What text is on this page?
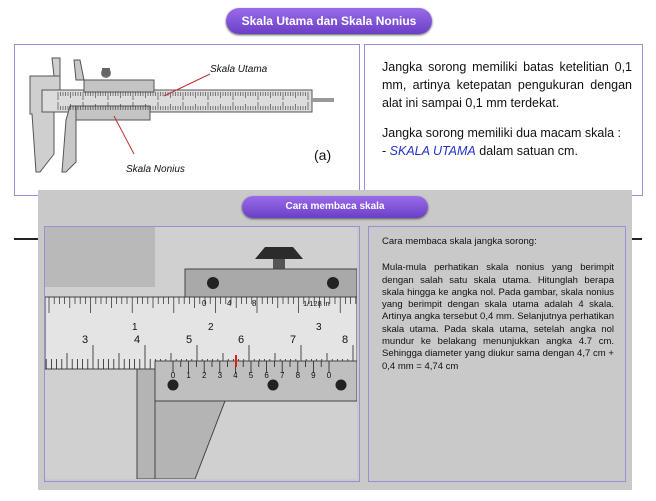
Skala Utama dan Skala Nonius
Skala Utama
Skala Nonius
(a)

Jangka sorong memiliki batas ketelitian 0,1 mm, artinya ketepatan pengukuran dengan alat ini sampai 0,1 mm terdekat.

Jangka sorong memiliki dua macam skala :

- SKALA UTAMA dalam satuan cm.
Cara membaca skala
0	4	8	1/128 in
1	2	3
3	4	5	6	7	8
0 1 2 3 4 5 6 7 8 9 0

Cara membaca skala jangka sorong:

Mula-mula perhatikan skala nonius yang berimpit dengan salah satu skala utama. Hitunglah berapa skala hingga ke angka nol. Pada gambar, skala nonius yang berimpit dengan skala utama adalah 4 skala. Artinya angka tersebut 0,4 mm. Selanjutnya perhatikan skala utama. Pada skala utama, setelah angka nol mundur ke belakang menunjukkan angka 4.7 cm. Sehingga diameter yang diukur sama dengan 4,7 cm + 0,4 mm = 4,74 cm
